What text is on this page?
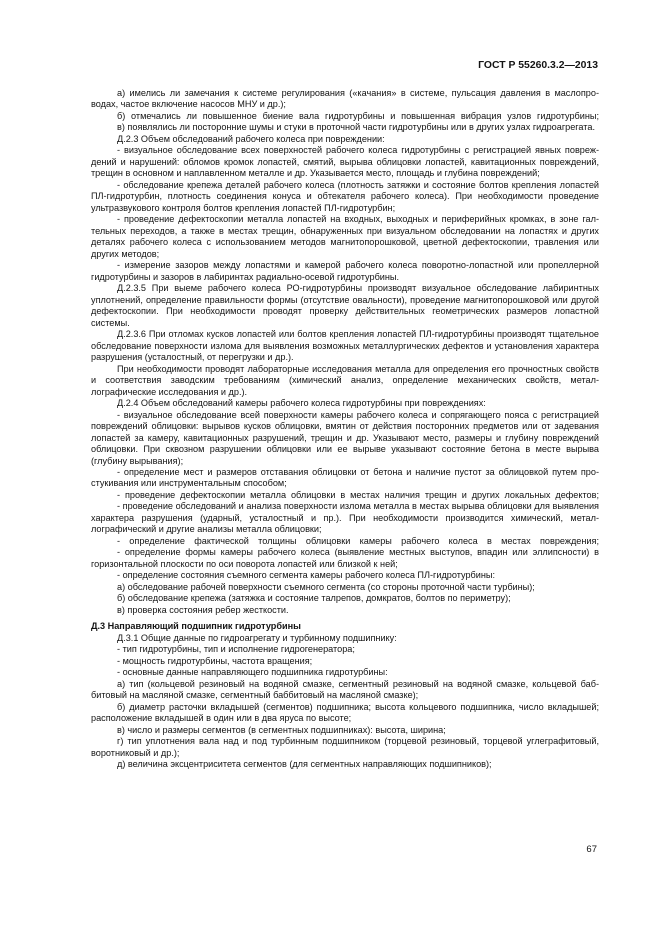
ГОСТ Р 55260.3.2—2013

а) имелись ли замечания к системе регулирования («качания» в системе, пульсация давления в маслопроводах, частое включение насосов МНУ и др.);

б) отмечались ли повышенное биение вала гидротурбины и повышенная вибрация узлов гидротурбины;

в) появлялись ли посторонние шумы и стуки в проточной части гидротурбины или в других узлах гидроагрегата.

Д.2.3 Объем обследований рабочего колеса при повреждении:

- визуальное обследование всех поверхностей рабочего колеса гидротурбины с регистрацией явных повреждений и нарушений: обломов кромок лопастей, смятий, вырыва облицовки лопастей, кавитационных повреждений, трещин в основном и наплавленном металле и др. Указывается место, площадь и глубина повреждений;

- обследование крепежа деталей рабочего колеса (плотность затяжки и состояние болтов крепления лопастей ПЛ-гидротурбин, плотность соединения конуса и обтекателя рабочего колеса). При необходимости проведение ультразвукового контроля болтов крепления лопастей ПЛ-гидротурбин;

- проведение дефектоскопии металла лопастей на входных, выходных и периферийных кромках, в зоне галтельных переходов, а также в местах трещин, обнаруженных при визуальном обследовании на лопастях и других деталях рабочего колеса с использованием методов магнитопорошковой, цветной дефектоскопии, травления или других методов;

- измерение зазоров между лопастями и камерой рабочего колеса поворотно-лопастной или пропеллерной гидротурбины и зазоров в лабиринтах радиально-осевой гидротурбины.

Д.2.3.5 При выеме рабочего колеса РО-гидротурбины производят визуальное обследование лабиринтных уплотнений, определение правильности формы (отсутствие овальности), проведение магнитопорошковой или другой дефектоскопии. При необходимости проводят проверку действительных геометрических размеров лопастной системы.

Д.2.3.6 При отломах кусков лопастей или болтов крепления лопастей ПЛ-гидротурбины производят тщательное обследование поверхности излома для выявления возможных металлургических дефектов и установления характера разрушения (усталостный, от перегрузки и др.).

При необходимости проводят лабораторные исследования металла для определения его прочностных свойств и соответствия заводским требованиям (химический анализ, определение механических свойств, металлографические исследования и др.).

Д.2.4 Объем обследований камеры рабочего колеса гидротурбины при повреждениях:

- визуальное обследование всей поверхности камеры рабочего колеса и сопрягающего пояса с регистрацией повреждений облицовки: вырывов кусков облицовки, вмятин от действия посторонних предметов или от задевания лопастей за камеру, кавитационных разрушений, трещин и др. Указывают место, размеры и глубину повреждений облицовки. При сквозном разрушении облицовки или ее вырыве указывают состояние бетона в месте вырыва (глубину вырывания);

- определение мест и размеров отставания облицовки от бетона и наличие пустот за облицовкой путем простукивания или инструментальным способом;

- проведение дефектоскопии металла облицовки в местах наличия трещин и других локальных дефектов;

- проведение обследований и анализа поверхности излома металла в местах вырыва облицовки для выявления характера разрушения (ударный, усталостный и пр.). При необходимости производится химический, металлографический и другие анализы металла облицовки;

- определение фактической толщины облицовки камеры рабочего колеса в местах повреждения;

- определение формы камеры рабочего колеса (выявление местных выступов, впадин или эллипсности) в горизонтальной плоскости по оси поворота лопастей или близкой к ней;

- определение состояния съемного сегмента камеры рабочего колеса ПЛ-гидротурбины:

а) обследование рабочей поверхности съемного сегмента (со стороны проточной части турбины);

б) обследование крепежа (затяжка и состояние талрепов, домкратов, болтов по периметру);

в) проверка состояния ребер жесткости.

Д.3 Направляющий подшипник гидротурбины

Д.3.1 Общие данные по гидроагрегату и турбинному подшипнику:

- тип гидротурбины, тип и исполнение гидрогенератора;

- мощность гидротурбины, частота вращения;

- основные данные направляющего подшипника гидротурбины:

а) тип (кольцевой резиновый на водяной смазке, сегментный резиновый на водяной смазке, кольцевой баббитовый на масляной смазке, сегментный баббитовый на масляной смазке);

б) диаметр расточки вкладышей (сегментов) подшипника; высота кольцевого подшипника, число вкладышей; расположение вкладышей в один или в два яруса по высоте;

в) число и размеры сегментов (в сегментных подшипниках): высота, ширина;

г) тип уплотнения вала над и под турбинным подшипником (торцевой резиновый, торцевой углеграфитовый, воротниковый и др.);

д) величина эксцентриситета сегментов (для сегментных направляющих подшипников);

67
